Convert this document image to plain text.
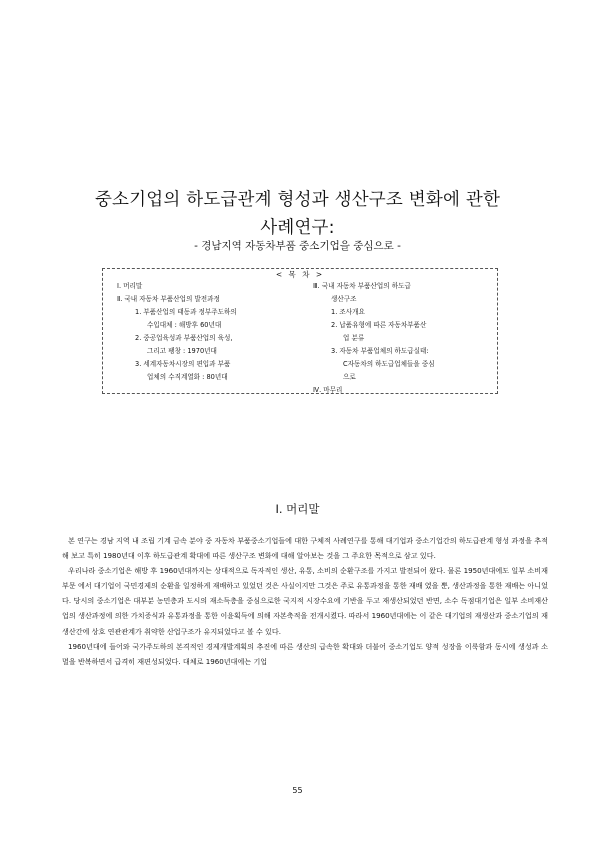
중소기업의 하도급관계 형성과 생산구조 변화에 관한
사례연구:
- 경남지역 자동차부품 중소기업을 중심으로 -
< 목 차 >
Ⅰ. 머리말
Ⅱ. 국내 자동차 부품산업의 발전과정
1. 부품산업의 태동과 정부주도하의
수입대체 : 해방후 60년대
2. 중공업육성과 부품산업의 육성,
그리고 팽창 : 1970년대
3. 세계자동차시장의 편입과 부품
업체의 수직계열화 : 80년대
Ⅲ. 국내 자동차 부품산업의 하도급
생산구조
1. 조사개요
2. 납품유형에 따른 자동차부품산
업 분류
3. 자동차 부품업체의 하도급실태:
C자동차의 하도급업체들을 중심
으로
Ⅳ. 마무리
Ⅰ. 머리말

본 연구는 경남 지역 내 조립 기계 금속 분야 중 자동차 부품중소기업들에 대한 구체적 사례연구를 통해 대기업과 중소기업간의 하도급관계 형성 과정을 추적해 보고 특히 1980년대 이후 하도급관계 확대에 따른 생산구조 변화에 대해 알아보는 것을 그 주요한 목적으로 삼고 있다.

우리나라 중소기업은 해방 후 1960년대까지는 상대적으로 독자적인 생산, 유통, 소비의 순환구조를 가지고 발전되어 왔다. 물론 1950년대에도 일부 소비재부문 에서 대기업이 국민경제의 순환을 일정하게 재배하고 있었던 것은 사실이지만 그것은 주로 유통과정을 통한 재배 였을 뿐, 생산과정을 통한 재배는 아니었다. 당시의 중소기업은 대부분 농민층과 도시의 재소득층을 중심으로한 국지적 시장수요에 기반을 두고 재생산되었던 반면, 소수 독점대기업은 일부 소비재산업의 생산과정에 의한 가치증식과 유통과정을 통한 이윤획득에 의해 자본축적을 전개시켰다. 따라서 1960년대에는 이 같은 대기업의 재생산과 중소기업의 재생산간에 상호 연관관계가 취약한 산업구조가 유지되었다고 볼 수 있다.

1960년대에 들어와 국가주도하의 본격적인 경제개발계획의 추진에 따른 생산의 급속한 확대와 더불어 중소기업도 양적 성장을 이룩함과 동시에 생성과 소멸을 반복하면서 급격히 재편성되었다. 대체로 1960년대에는 기업

55
